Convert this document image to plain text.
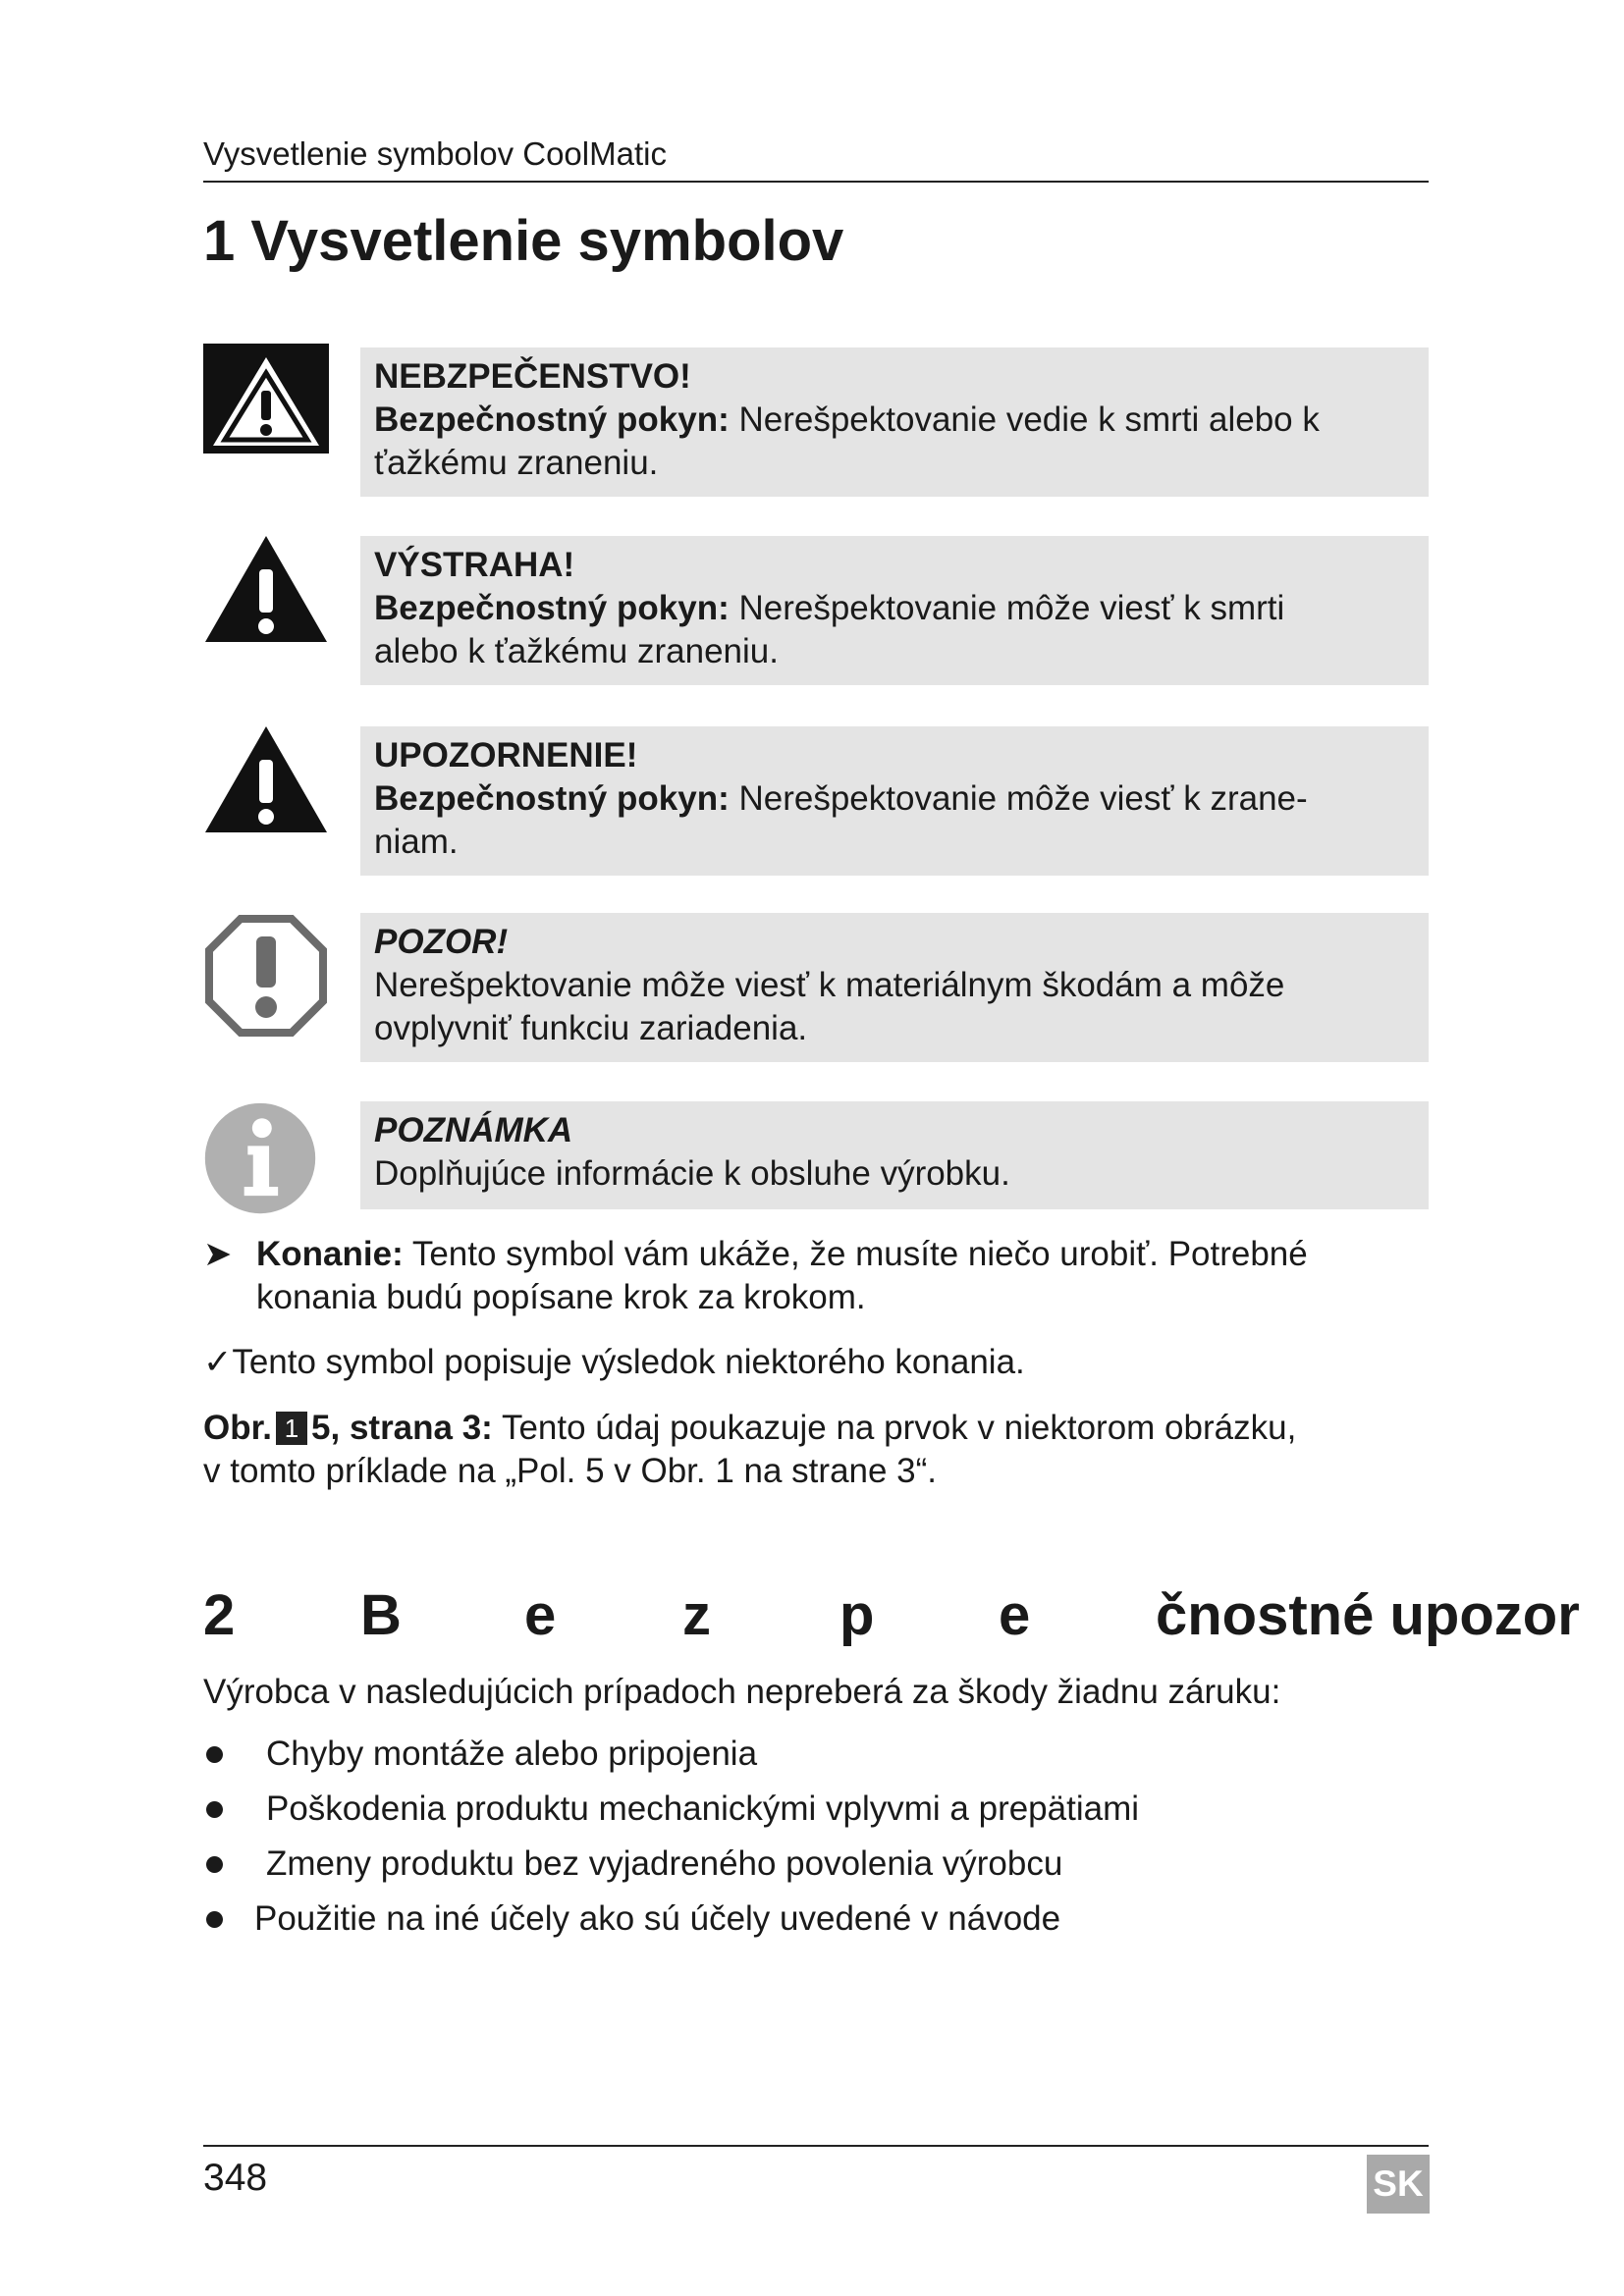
Vysvetlenie symbolov CoolMatic
1 Vysvetlenie symbolov
NEBZPEČENSTVO!
Bezpečnostný pokyn: Nerešpektovanie vedie k smrti alebo k
ťažkému zraneniu.
VÝSTRAHA!
Bezpečnostný pokyn: Nerešpektovanie môže viesť k smrti
alebo k ťažkému zraneniu.
UPOZORNENIE!
Bezpečnostný pokyn: Nerešpektovanie môže viesť k zrane-
niam.
POZOR!
Nerešpektovanie môže viesť k materiálnym škodám a môže
ovplyvniť funkciu zariadenia.
POZNÁMKA
Doplňujúce informácie k obsluhe výrobku.
➤ Konanie: Tento symbol vám ukáže, že musíte niečo urobiť. Potrebné
konania budú popísane krok za krokom.
✓Tento symbol popisuje výsledok niektorého konania.
Obr. 1 5, strana 3: Tento údaj poukazuje na prvok v niektorom obrázku,
v tomto príklade na „Pol. 5 v Obr. 1 na strane 3“.
2 B e z p e čnostné upozor
Výrobca v nasledujúcich prípadoch nepreberá za škody žiadnu záruku:
Chyby montáže alebo pripojenia
Poškodenia produktu mechanickými vplyvmi a prepätiami
Zmeny produktu bez vyjadreného povolenia výrobcu
Použitie na iné účely ako sú účely uvedené v návode
348	SK
